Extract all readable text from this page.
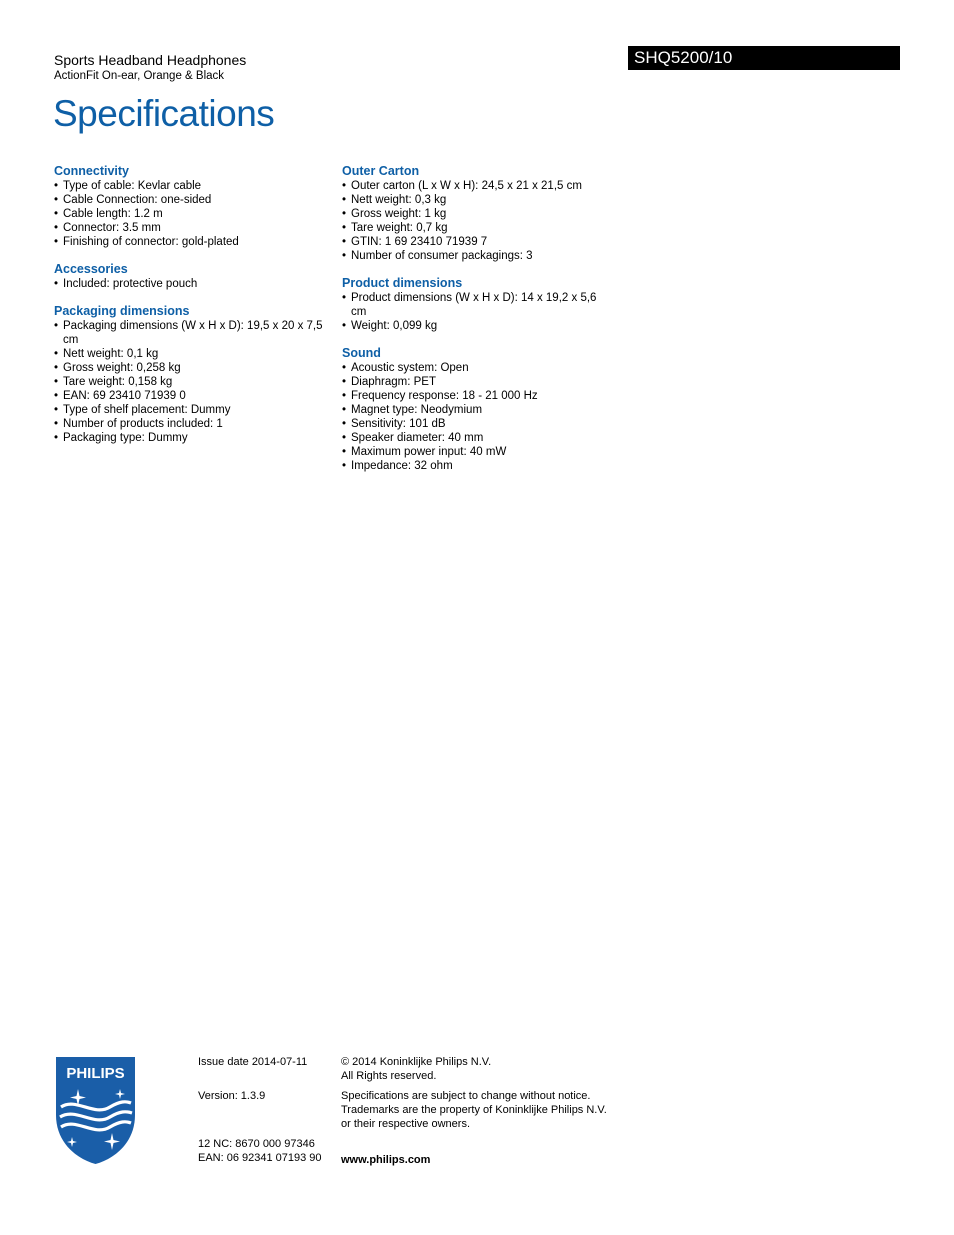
Sports Headband Headphones
ActionFit On-ear, Orange & Black
SHQ5200/10
Specifications
Connectivity
• Type of cable: Kevlar cable
• Cable Connection: one-sided
• Cable length: 1.2 m
• Connector: 3.5 mm
• Finishing of connector: gold-plated
Accessories
• Included: protective pouch
Packaging dimensions
• Packaging dimensions (W x H x D): 19,5 x 20 x 7,5 cm
• Nett weight: 0,1 kg
• Gross weight: 0,258 kg
• Tare weight: 0,158 kg
• EAN: 69 23410 71939 0
• Type of shelf placement: Dummy
• Number of products included: 1
• Packaging type: Dummy
Outer Carton
• Outer carton (L x W x H): 24,5 x 21 x 21,5 cm
• Nett weight: 0,3 kg
• Gross weight: 1 kg
• Tare weight: 0,7 kg
• GTIN: 1 69 23410 71939 7
• Number of consumer packagings: 3
Product dimensions
• Product dimensions (W x H x D): 14 x 19,2 x 5,6 cm
• Weight: 0,099 kg
Sound
• Acoustic system: Open
• Diaphragm: PET
• Frequency response: 18 - 21 000 Hz
• Magnet type: Neodymium
• Sensitivity: 101 dB
• Speaker diameter: 40 mm
• Maximum power input: 40 mW
• Impedance: 32 ohm
PHILIPS
Issue date 2014-07-11
Version: 1.3.9
12 NC: 8670 000 97346
EAN: 06 92341 07193 90
© 2014 Koninklijke Philips N.V.
All Rights reserved.
Specifications are subject to change without notice.
Trademarks are the property of Koninklijke Philips N.V.
or their respective owners.
www.philips.com
